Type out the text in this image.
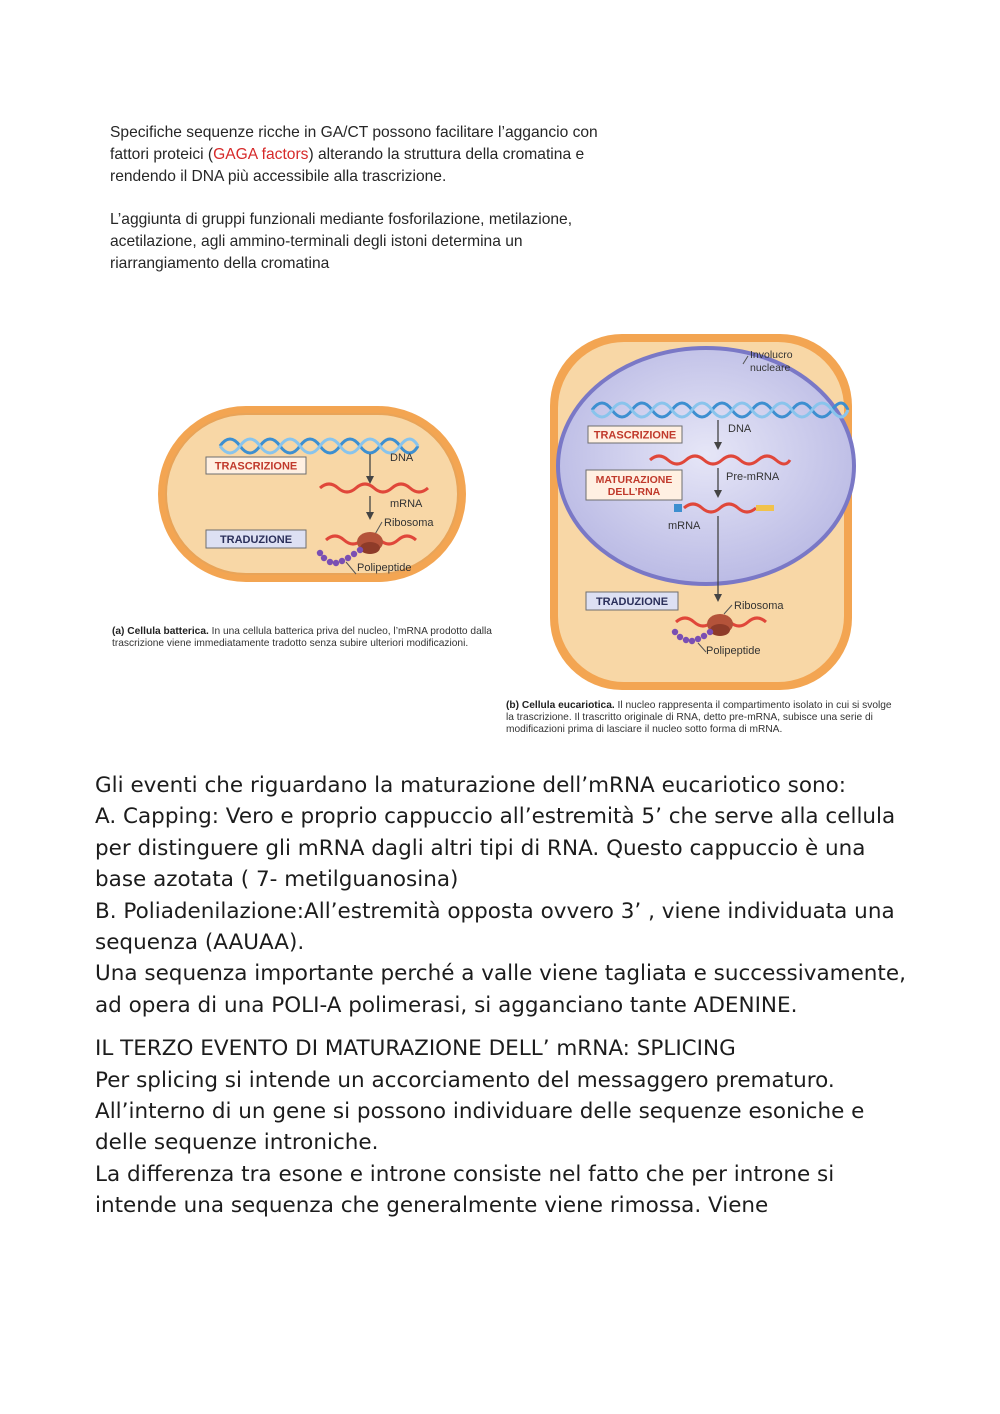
Specifiche sequenze ricche in GA/CT possono facilitare l’aggancio con fattori proteici (GAGA factors) alterando la struttura della cromatina e rendendo il DNA più accessibile alla trascrizione.

L’aggiunta di gruppi funzionali mediante fosforilazione, metilazione, acetilazione, agli ammino-terminali degli istoni determina un riarrangiamento della cromatina

DNA
TRASCRIZIONE
mRNA
Ribosoma
TRADUZIONE
Polipeptide
Involucro
nucleare
DNA
TRASCRIZIONE
Pre-mRNA
MATURAZIONE
DELL’RNA
mRNA
TRADUZIONE	Ribosoma
Polipeptide
(a) Cellula batterica. In una cellula batterica priva del nucleo, l’mRNA prodotto dalla trascrizione viene immediatamente tradotto senza subire ulteriori modificazioni.
(b) Cellula eucariotica. Il nucleo rappresenta il compartimento isolato in cui si svolge la trascrizione. Il trascritto originale di RNA, detto pre-mRNA, subisce una serie di modificazioni prima di lasciare il nucleo sotto forma di mRNA.

Gli eventi che riguardano la maturazione dell’mRNA eucariotico sono:

A. Capping: Vero e proprio cappuccio all’estremità 5’ che serve alla cellula per distinguere gli mRNA dagli altri tipi di RNA. Questo cappuccio è una base azotata ( 7- metilguanosina)

B. Poliadenilazione:All’estremità opposta ovvero 3’ , viene individuata una sequenza (AAUAA).

Una sequenza importante perché a valle viene tagliata e successivamente, ad opera di una POLI-A polimerasi, si agganciano tante ADENINE.

IL TERZO EVENTO DI MATURAZIONE DELL’ mRNA: SPLICING

Per splicing si intende un accorciamento del messaggero prematuro.

All’interno di un gene si possono individuare delle sequenze esoniche e delle sequenze introniche.

La differenza tra esone e introne consiste nel fatto che per introne si intende una sequenza che generalmente viene rimossa. Viene
